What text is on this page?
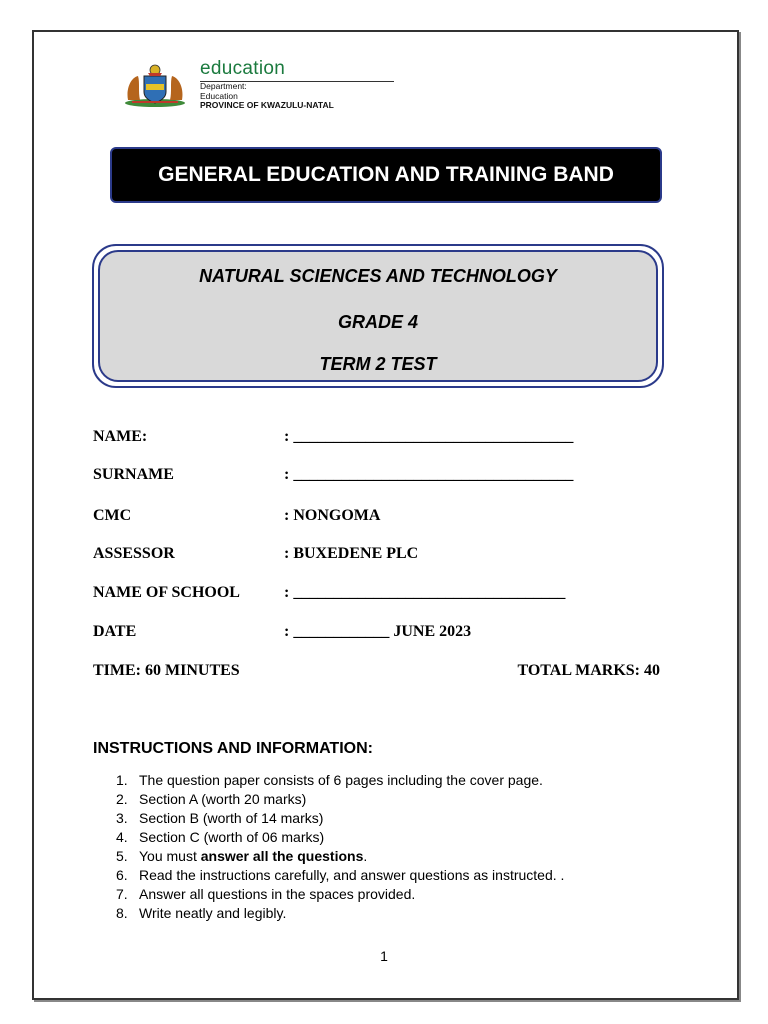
education
Department:
Education
PROVINCE OF KWAZULU-NATAL
GENERAL EDUCATION AND TRAINING BAND
NATURAL SCIENCES AND TECHNOLOGY
GRADE 4
TERM 2 TEST
NAME:	: ___________________________________
SURNAME	: ___________________________________
CMC	: NONGOMA
ASSESSOR	: BUXEDENE PLC
NAME OF SCHOOL	: __________________________________
DATE	: ____________ JUNE 2023
TIME: 60 MINUTES	TOTAL MARKS: 40
INSTRUCTIONS AND INFORMATION:
1. The question paper consists of 6 pages including the cover page.
2. Section A (worth 20 marks)
3. Section B (worth of 14 marks)
4. Section C (worth of 06 marks)
5. You must answer all the questions.
6. Read the instructions carefully, and answer questions as instructed. .
7. Answer all questions in the spaces provided.
8. Write neatly and legibly.
1
